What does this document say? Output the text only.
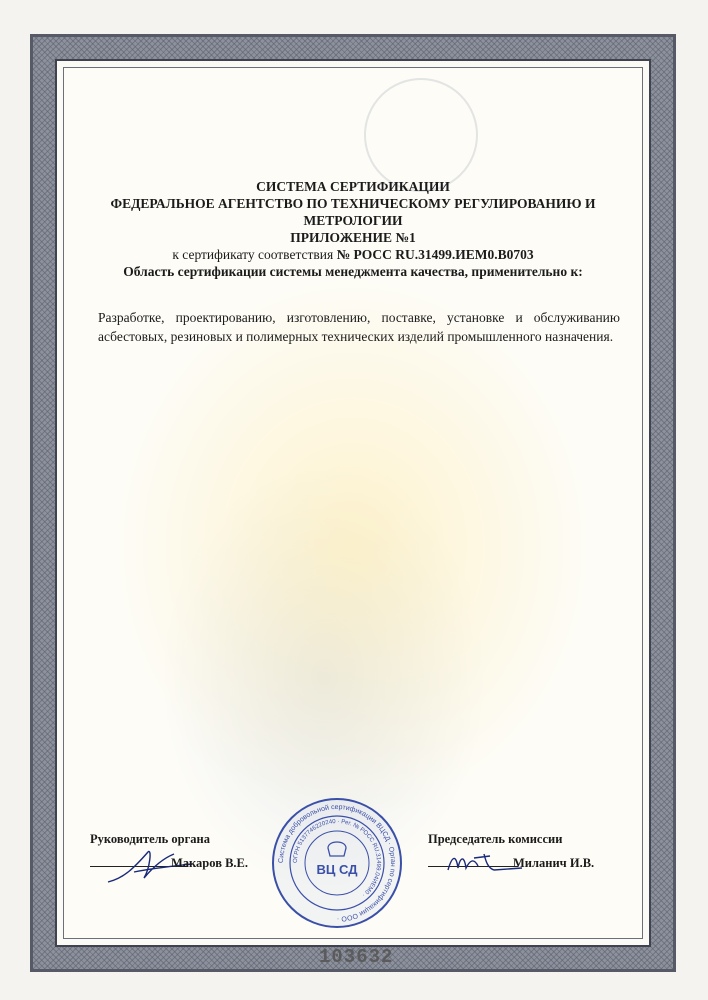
СИСТЕМА СЕРТИФИКАЦИИ
ФЕДЕРАЛЬНОЕ АГЕНТСТВО ПО ТЕХНИЧЕСКОМУ РЕГУЛИРОВАНИЮ И
МЕТРОЛОГИИ
ПРИЛОЖЕНИЕ №1
к сертификату соответствия № РОСС RU.31499.ИЕМ0.В0703
Область сертификации системы менеджмента качества, применительно к:
Разработке, проектированию, изготовлению, поставке, установке и обслуживанию асбестовых, резиновых и полимерных технических изделий промышленного назначения.
Руководитель органа
Макаров В.Е.
Председатель комиссии
Миланич И.В.
Система добровольной сертификации ВЦСД · Орган по сертификации ООО ·
ОГРН 5137746220240 · Рег. № РОСС RU.31499.04ИЕМ0 ·
ВЦ СД
103632
